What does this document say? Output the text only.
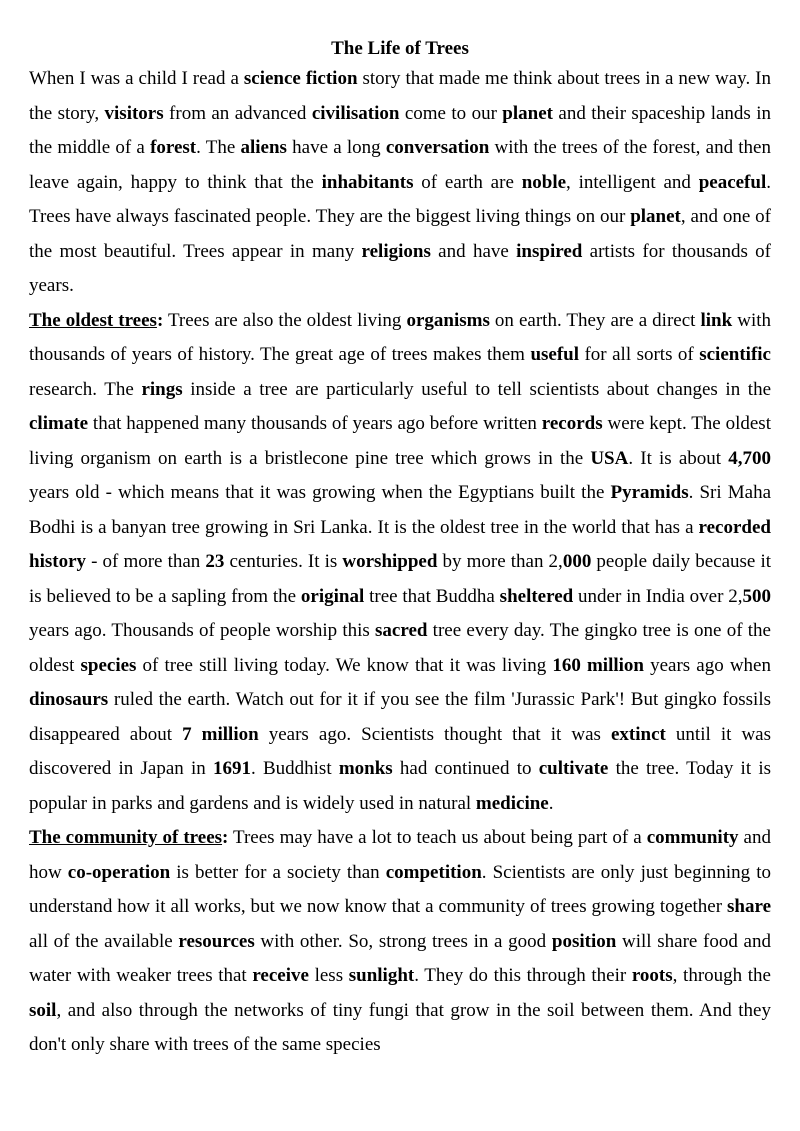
The Life of Trees

When I was a child I read a science fiction story that made me think about trees in a new way. In the story, visitors from an advanced civilisation come to our planet and their spaceship lands in the middle of a forest. The aliens have a long conversation with the trees of the forest, and then leave again, happy to think that the inhabitants of earth are noble, intelligent and peaceful. Trees have always fascinated people. They are the biggest living things on our planet, and one of the most beautiful. Trees appear in many religions and have inspired artists for thousands of years.

The oldest trees: Trees are also the oldest living organisms on earth. They are a direct link with thousands of years of history. The great age of trees makes them useful for all sorts of scientific research. The rings inside a tree are particularly useful to tell scientists about changes in the climate that happened many thousands of years ago before written records were kept. The oldest living organism on earth is a bristlecone pine tree which grows in the USA. It is about 4,700 years old - which means that it was growing when the Egyptians built the Pyramids. Sri Maha Bodhi is a banyan tree growing in Sri Lanka. It is the oldest tree in the world that has a recorded history - of more than 23 centuries. It is worshipped by more than 2,000 people daily because it is believed to be a sapling from the original tree that Buddha sheltered under in India over 2,500 years ago. Thousands of people worship this sacred tree every day. The gingko tree is one of the oldest species of tree still living today. We know that it was living 160 million years ago when dinosaurs ruled the earth. Watch out for it if you see the film 'Jurassic Park'! But gingko fossils disappeared about 7 million years ago. Scientists thought that it was extinct until it was discovered in Japan in 1691. Buddhist monks had continued to cultivate the tree. Today it is popular in parks and gardens and is widely used in natural medicine.

The community of trees: Trees may have a lot to teach us about being part of a community and how co-operation is better for a society than competition. Scientists are only just beginning to understand how it all works, but we now know that a community of trees growing together share all of the available resources with other. So, strong trees in a good position will share food and water with weaker trees that receive less sunlight. They do this through their roots, through the soil, and also through the networks of tiny fungi that grow in the soil between them. And they don't only share with trees of the same species
